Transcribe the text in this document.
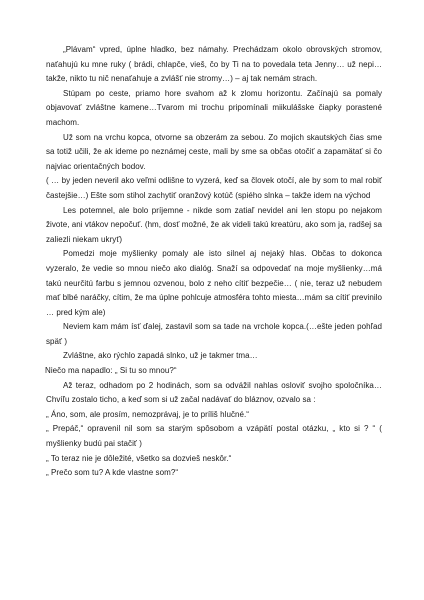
„Plávam“ vpred, úplne hladko, bez námahy. Prechádzam okolo obrovských stromov, naťahujú ku mne ruky ( brádi, chlapče, vieš, čo by Ti na to povedala teta Jenny… už nepi…takže, nikto tu nič nenaťahuje a zvlášť nie stromy…) – aj tak nemám strach.

Stúpam po ceste, priamo hore svahom až k zlomu horizontu. Začínajú sa pomaly objavovať zvláštne kamene…Tvarom mi trochu pripomínali miikulášske čiapky porastené machom.

Už som na vrchu kopca, otvorne sa obzerám za sebou. Zo mojich skautských čias sme sa totiž učili, že ak ideme po neznámej ceste, mali by sme sa občas otočiť a zapamätať si čo najviac orientačných bodov.

( … by jeden neveril ako veľmi odlišne to vyzerá, keď sa človek otočí, ale by som to mal robiť častejšie…) Ešte som stihol zachytiť oranžový kotúč (spiého slnka – takže idem na východ

Les potemnel, ale bolo príjemne - nikde som zatiaľ nevidel ani len stopu po nejakom živote, ani vtákov nepočuť. (hm, dosť možné, že ak videli takú kreatúru, ako som ja, radšej sa zaliezli niekam ukryť)

Pomedzi moje myšlienky pomaly ale isto silnel aj nejaký hlas. Občas to dokonca vyzeralo, že vedie so mnou niečo ako dialóg. Snaží sa odpovedať na moje myšlienky…má takú neurčitú farbu s jemnou ozvenou, bolo z neho cítiť bezpečie… ( nie, teraz už nebudem mať blbé naráčky, cítim, že ma úplne pohlcuje atmosféra tohto miesta…mám sa cítiť previnilo … pred kým ale)

Neviem kam mám ísť ďalej, zastavil som sa tade na vrchole kopca.(…ešte jeden pohľad späť )

Zvláštne, ako rýchlo zapadá slnko, už je takmer tma…

Niečo ma napadlo: „ Si tu so mnou?“

Až teraz, odhadom po 2 hodinách, som sa odvážil nahlas osloviť svojho spoločníka… Chvíľu zostalo ticho, a keď som si už začal nadávať do bláznov, ozvalo sa :

„ Áno, som, ale prosím, nemozprávaj, je to príliš hlučné.“

„ Prepáč,“ opravenil nil som sa starým spôsobom a vzápätí postal otázku, „ kto si ? “ ( myšlienky budú pai stačiť )

„ To teraz nie je dôležité, všetko sa dozvieš neskôr.“

„ Prečo som tu? A kde vlastne som?“
